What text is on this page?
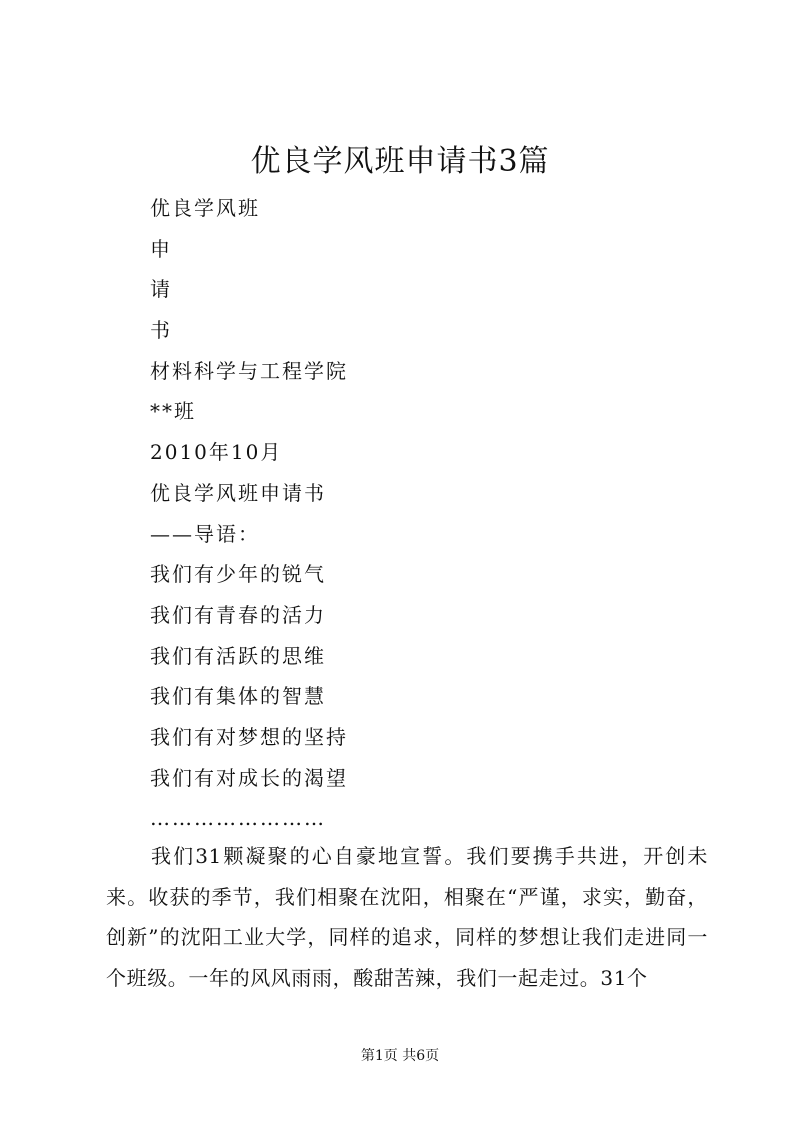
优良学风班申请书3篇
优良学风班
申
请
书
材料科学与工程学院
**班
2010年10月
优良学风班申请书
——导语：
我们有少年的锐气
我们有青春的活力
我们有活跃的思维
我们有集体的智慧
我们有对梦想的坚持
我们有对成长的渴望
……………………

我们31颗凝聚的心自豪地宣誓。我们要携手共进，开创未来。收获的季节，我们相聚在沈阳，相聚在“严谨，求实，勤奋，创新”的沈阳工业大学，同样的追求，同样的梦想让我们走进同一个班级。一年的风风雨雨，酸甜苦辣，我们一起走过。31个

第1页 共6页
